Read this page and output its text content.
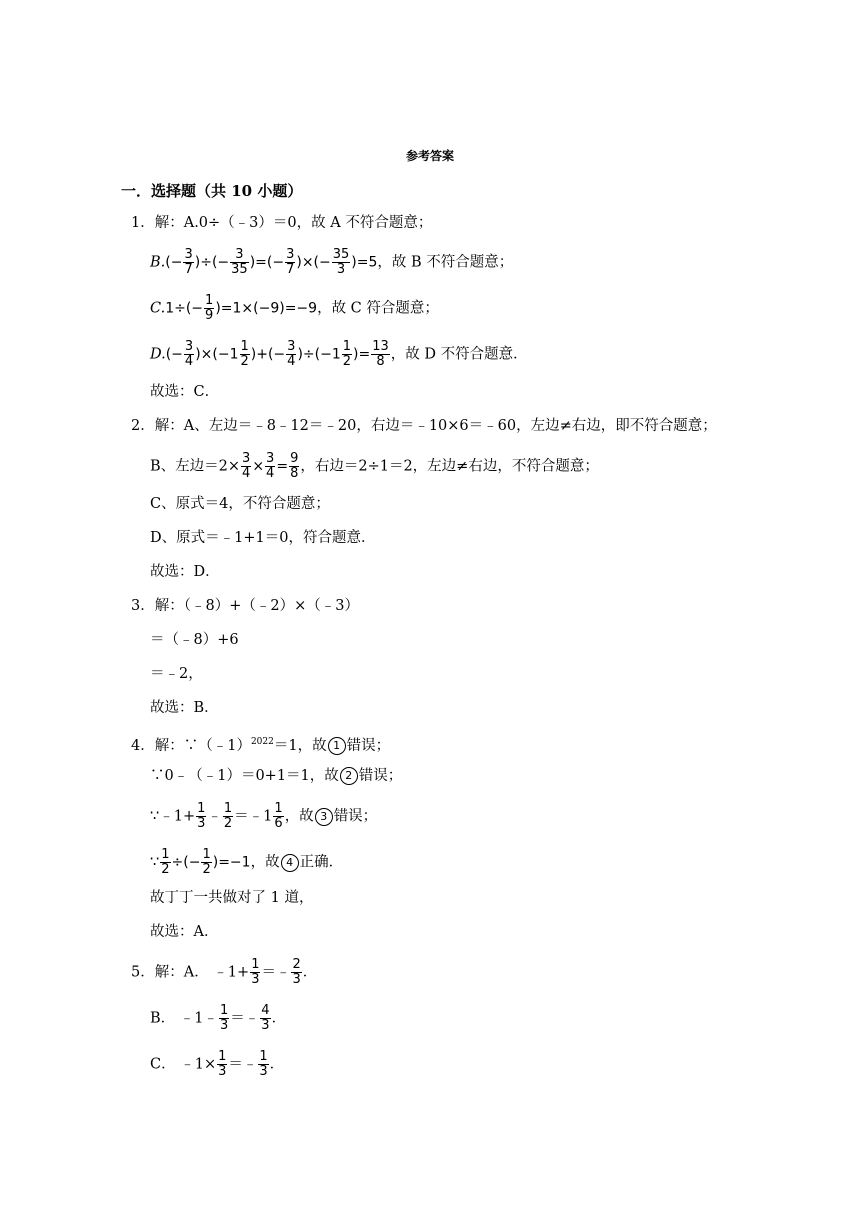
参考答案
一．选择题（共 10 小题）
1．解：A.0÷（﹣3）＝0，故 A 不符合题意；
$B.(- \frac{3}{7}$ )÷(− $\frac{3}{35}$ )=(− $\frac{3}{7}$ )×(− $\frac{35}{3} )=5$，故 B 不符合题意；
$C.1\div(- \frac{1}{9} )=1\times(-9)=-9$，故 C 符合题意；
$D.(- \frac{3}{4} )\times(-1 \frac{1}{2}$ )+(− $\frac{3}{4} )\div(-1 \frac{1}{2}$ )= $\frac{13}{8}$ ，故 D 不符合题意．
故选：C．
2．解：A、左边＝﹣8﹣12＝﹣20，右边＝﹣10×6＝﹣60，左边≠右边，即不符合题意；
B、左边$=2\times \frac{3}{4} \times \frac{3}{4} = \frac{9}{8}$ ，右边＝2÷1＝2，左边≠右边，不符合题意；
C、原式＝4，不符合题意；
D、原式＝﹣1+1＝0，符合题意．
故选：D．
3．解：（﹣8）+（﹣2）×（﹣3）
＝（﹣8）+6
＝﹣2，
故选：B．
4．解：∵（﹣1）$^{2022}$＝1，故 1 错误；
∵0﹣（﹣1）＝0+1＝1，故 2 错误；
∵﹣1+ $\frac{1}{3}$ ﹣ $\frac{1}{2}$ ＝﹣1 $\frac{1}{6}$ ，故 3 错误；
∵ $\frac{1}{2}$ ÷(− $\frac{1}{2} )=-1$，故 4 正确．
故丁丁一共做对了 1 道，
故选：A．
5．解：A． ﹣1+ $\frac{1}{3}$ ＝﹣ $\frac{2}{3}$ ．
B． ﹣1﹣ $\frac{1}{3}$ ＝﹣ $\frac{4}{3}$ ．
C． ﹣1× $\frac{1}{3}$ ＝﹣ $\frac{1}{3}$ ．
